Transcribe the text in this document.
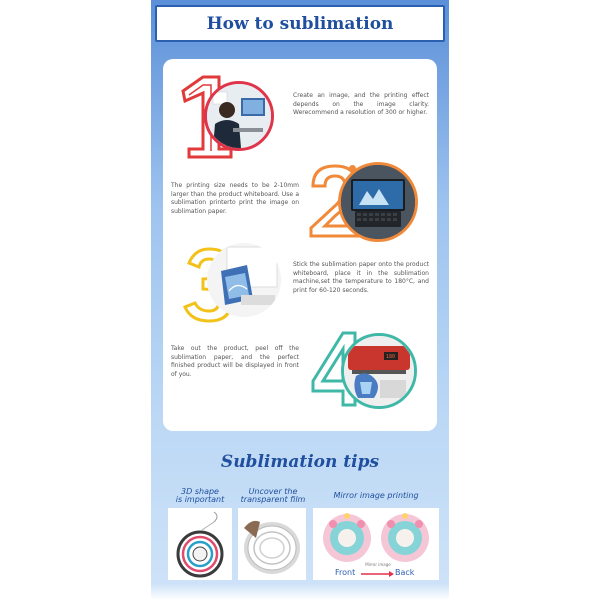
How to sublimation
Create an image, and the printing effect depends on the image clarity. Werecommend a resolution of 300 or higher.
The printing size needs to be 2-10mm larger than the product whiteboard. Use a sublimation printerto print the image on sublimation paper.
Stick the sublimation paper onto the product whiteboard, place it in the sublimation machine,set the temperature to 180°C, and print for 60-120 seconds.
180
Take out the product, peel off the sublimation paper, and the perfect finished product will be displayed in front of you.
Sublimation tips
3D shape
is important
Uncover the
transparent film	Mirror image printing
Mirror image
Front	Back
